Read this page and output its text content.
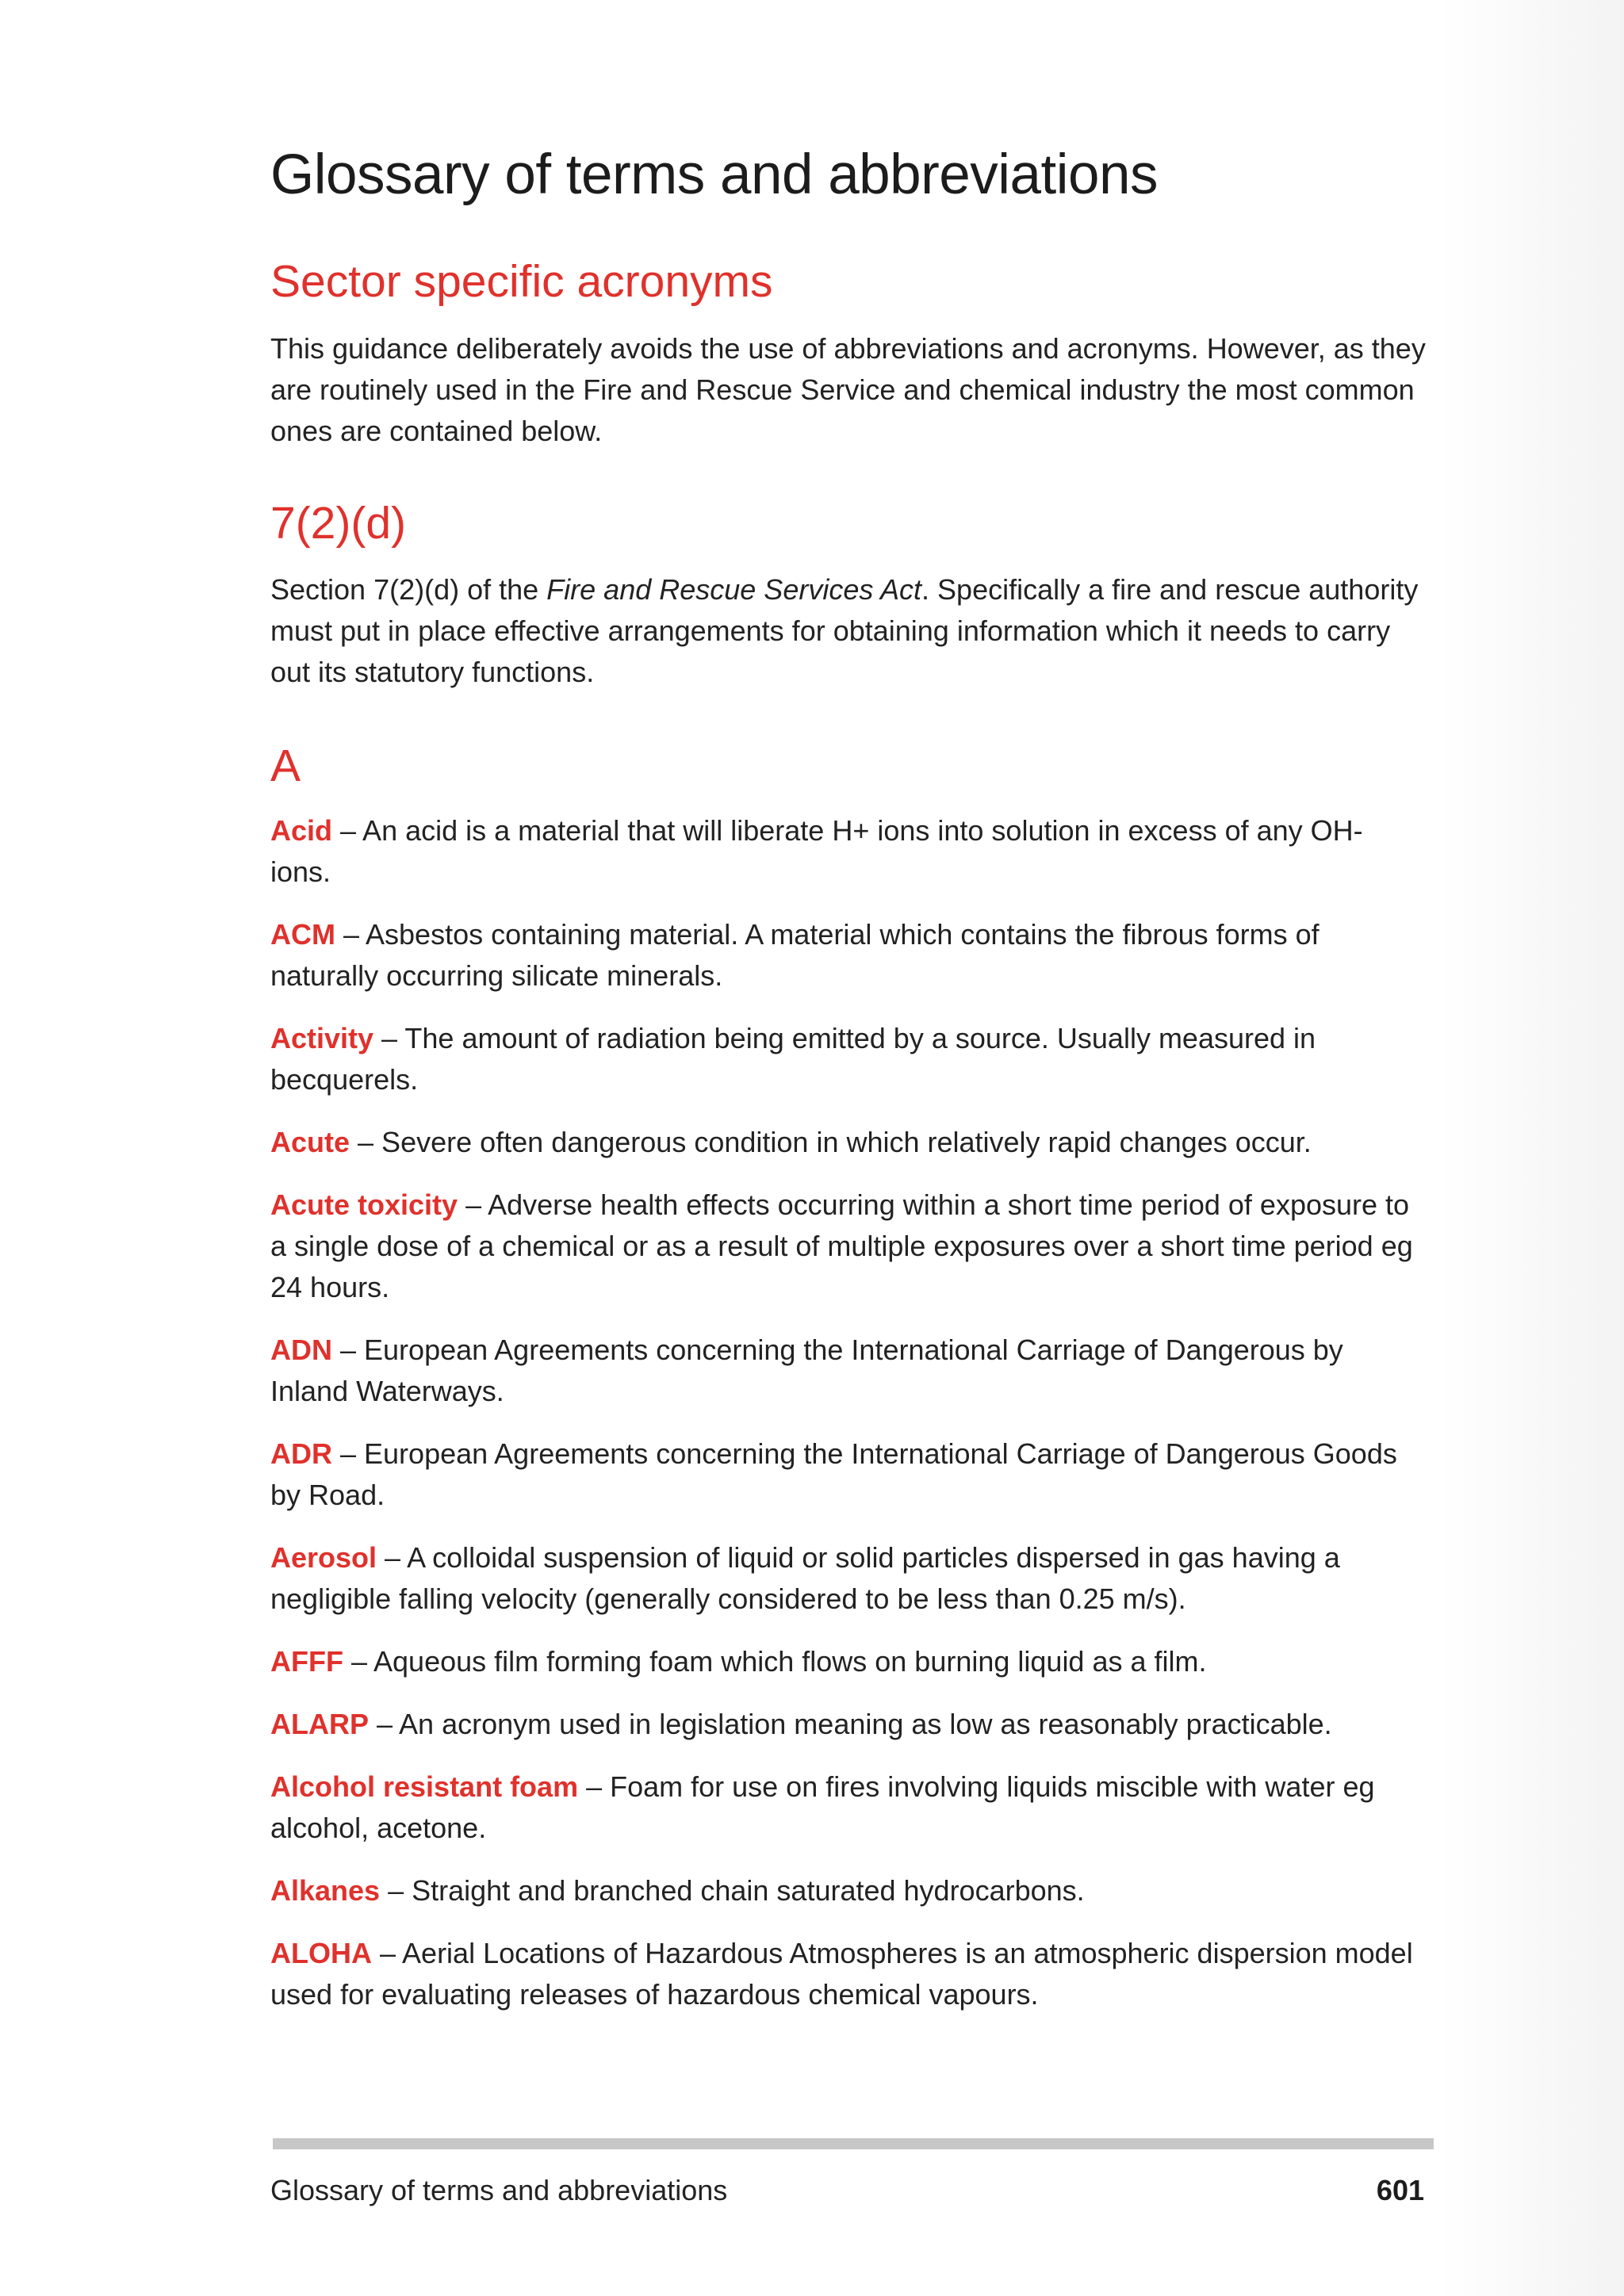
Glossary of terms and abbreviations
Sector specific acronyms

This guidance deliberately avoids the use of abbreviations and acronyms. However, as they are routinely used in the Fire and Rescue Service and chemical industry the most common ones are contained below.

7(2)(d)

Section 7(2)(d) of the Fire and Rescue Services Act. Specifically a fire and rescue authority must put in place effective arrangements for obtaining information which it needs to carry out its statutory functions.

A

Acid – An acid is a material that will liberate H+ ions into solution in excess of any OH- ions.

ACM – Asbestos containing material. A material which contains the fibrous forms of naturally occurring silicate minerals.

Activity – The amount of radiation being emitted by a source. Usually measured in becquerels.

Acute – Severe often dangerous condition in which relatively rapid changes occur.

Acute toxicity – Adverse health effects occurring within a short time period of exposure to a single dose of a chemical or as a result of multiple exposures over a short time period eg 24 hours.

ADN – European Agreements concerning the International Carriage of Dangerous by Inland Waterways.

ADR – European Agreements concerning the International Carriage of Dangerous Goods by Road.

Aerosol – A colloidal suspension of liquid or solid particles dispersed in gas having a negligible falling velocity (generally considered to be less than 0.25 m/s).

AFFF – Aqueous film forming foam which flows on burning liquid as a film.

ALARP – An acronym used in legislation meaning as low as reasonably practicable.

Alcohol resistant foam – Foam for use on fires involving liquids miscible with water eg alcohol, acetone.

Alkanes – Straight and branched chain saturated hydrocarbons.

ALOHA – Aerial Locations of Hazardous Atmospheres is an atmospheric dispersion model used for evaluating releases of hazardous chemical vapours.

Glossary of terms and abbreviations	601
